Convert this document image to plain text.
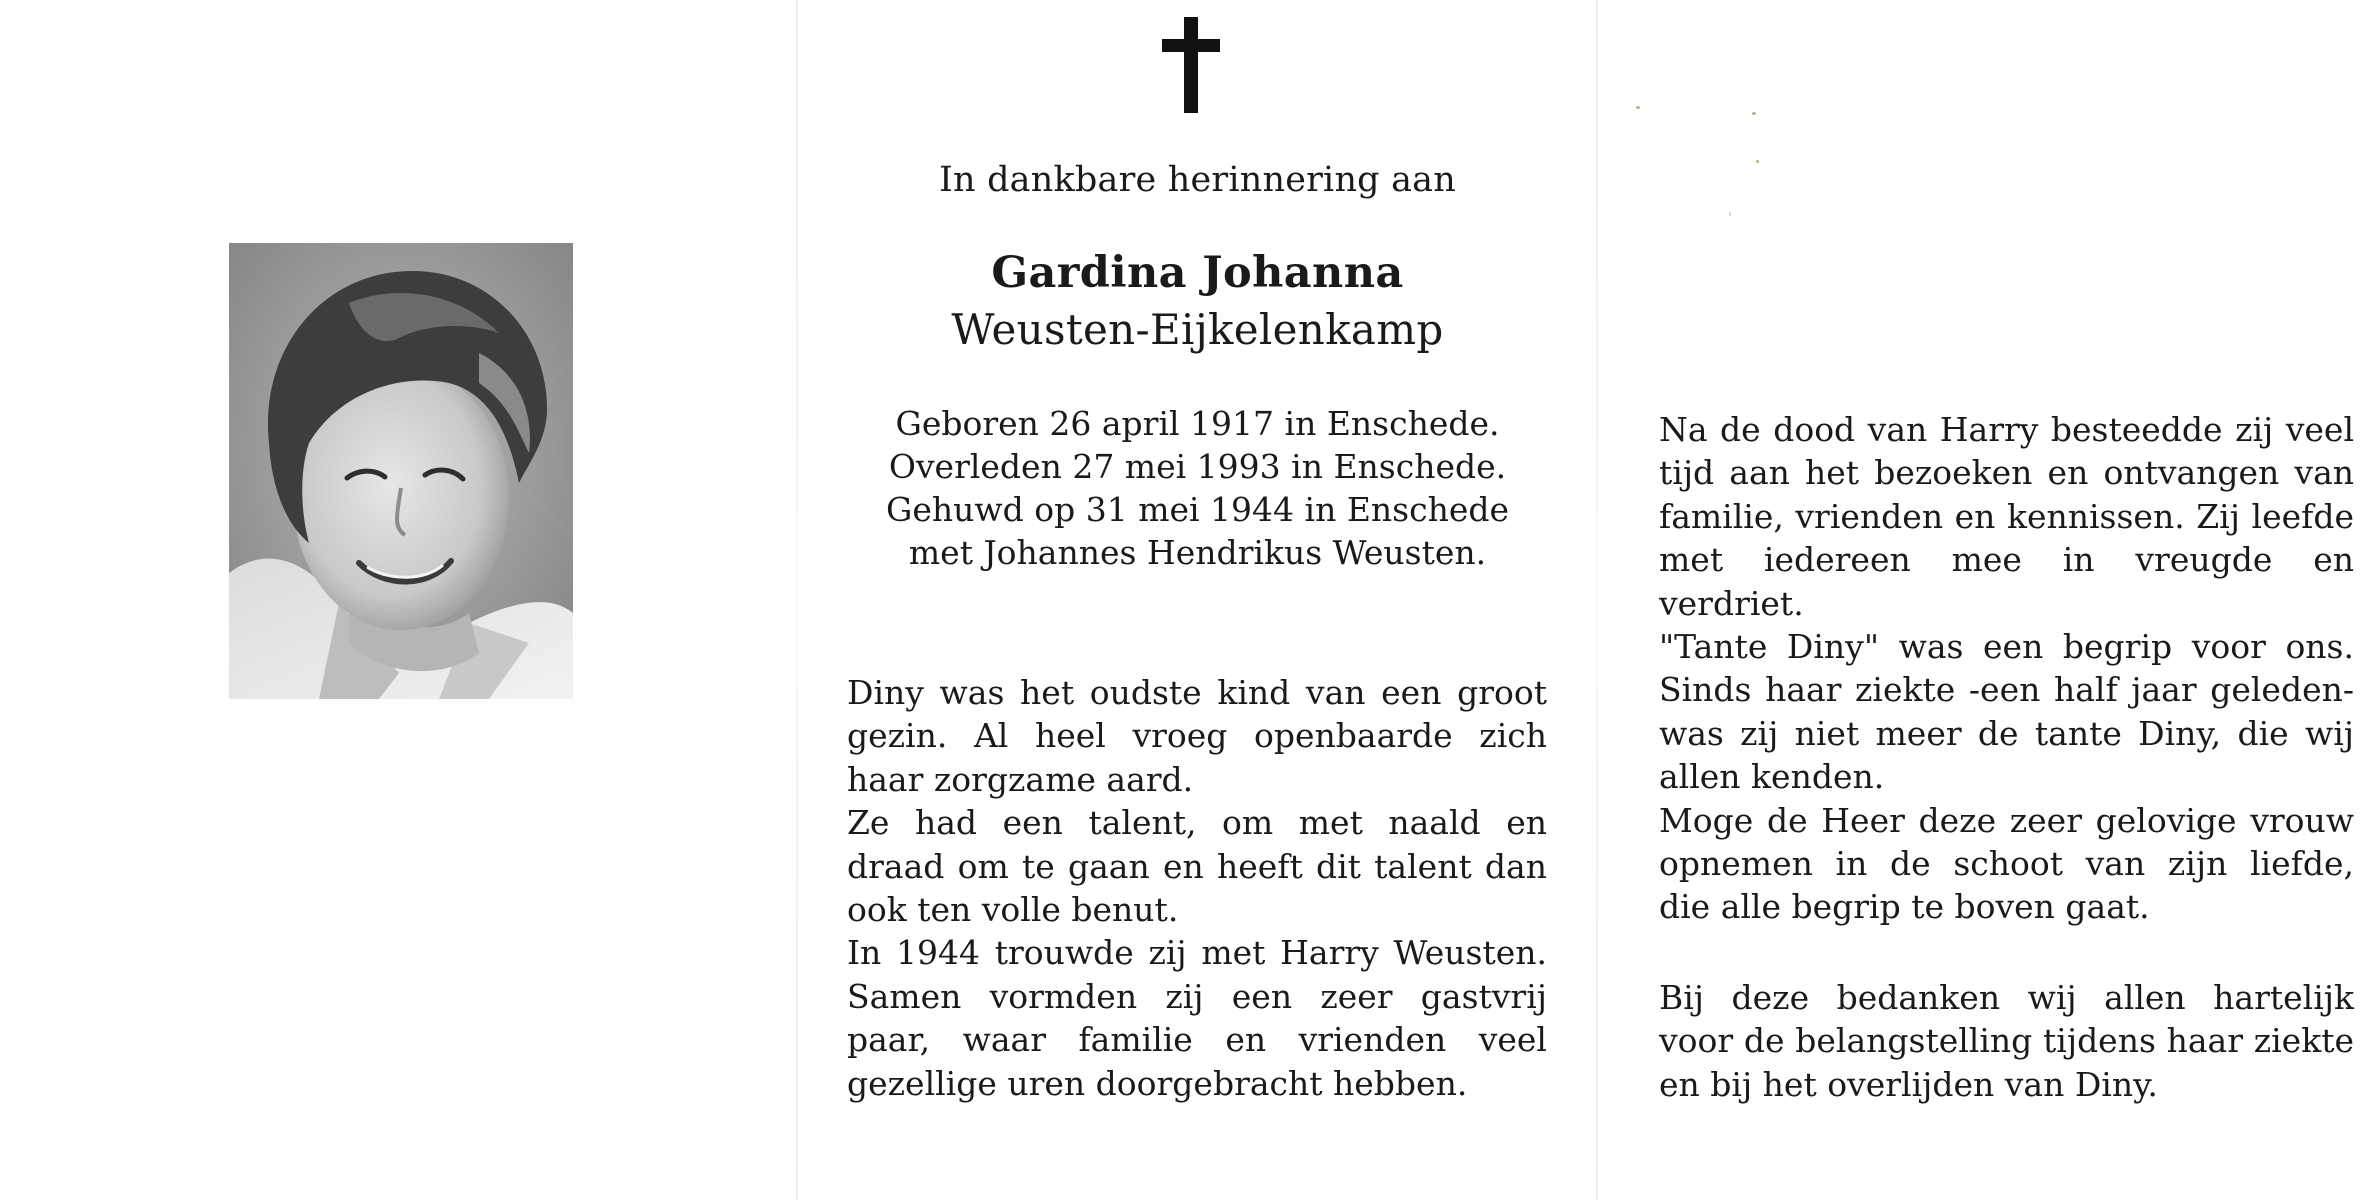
In dankbare herinnering aan
Gardina Johanna
Weusten-Eijkelenkamp
Geboren 26 april 1917 in Enschede.
Overleden 27 mei 1993 in Enschede.
Gehuwd op 31 mei 1944 in Enschede
met Johannes Hendrikus Weusten.
Diny was het oudste kind van een groot
gezin. Al heel vroeg openbaarde zich
haar zorgzame aard.
Ze had een talent, om met naald en
draad om te gaan en heeft dit talent dan
ook ten volle benut.
In 1944 trouwde zij met Harry Weusten.
Samen vormden zij een zeer gastvrij
paar, waar familie en vrienden veel
gezellige uren doorgebracht hebben.
Na de dood van Harry besteedde zij veel
tijd aan het bezoeken en ontvangen van
familie, vrienden en kennissen. Zij leefde
met iedereen mee in vreugde en verdriet.
"Tante Diny" was een begrip voor ons.
Sinds haar ziekte -een half jaar geleden-
was zij niet meer de tante Diny, die wij
allen kenden.
Moge de Heer deze zeer gelovige vrouw
opnemen in de schoot van zijn liefde,
die alle begrip te boven gaat.
Bij deze bedanken wij allen hartelijk
voor de belangstelling tijdens haar ziekte
en bij het overlijden van Diny.
